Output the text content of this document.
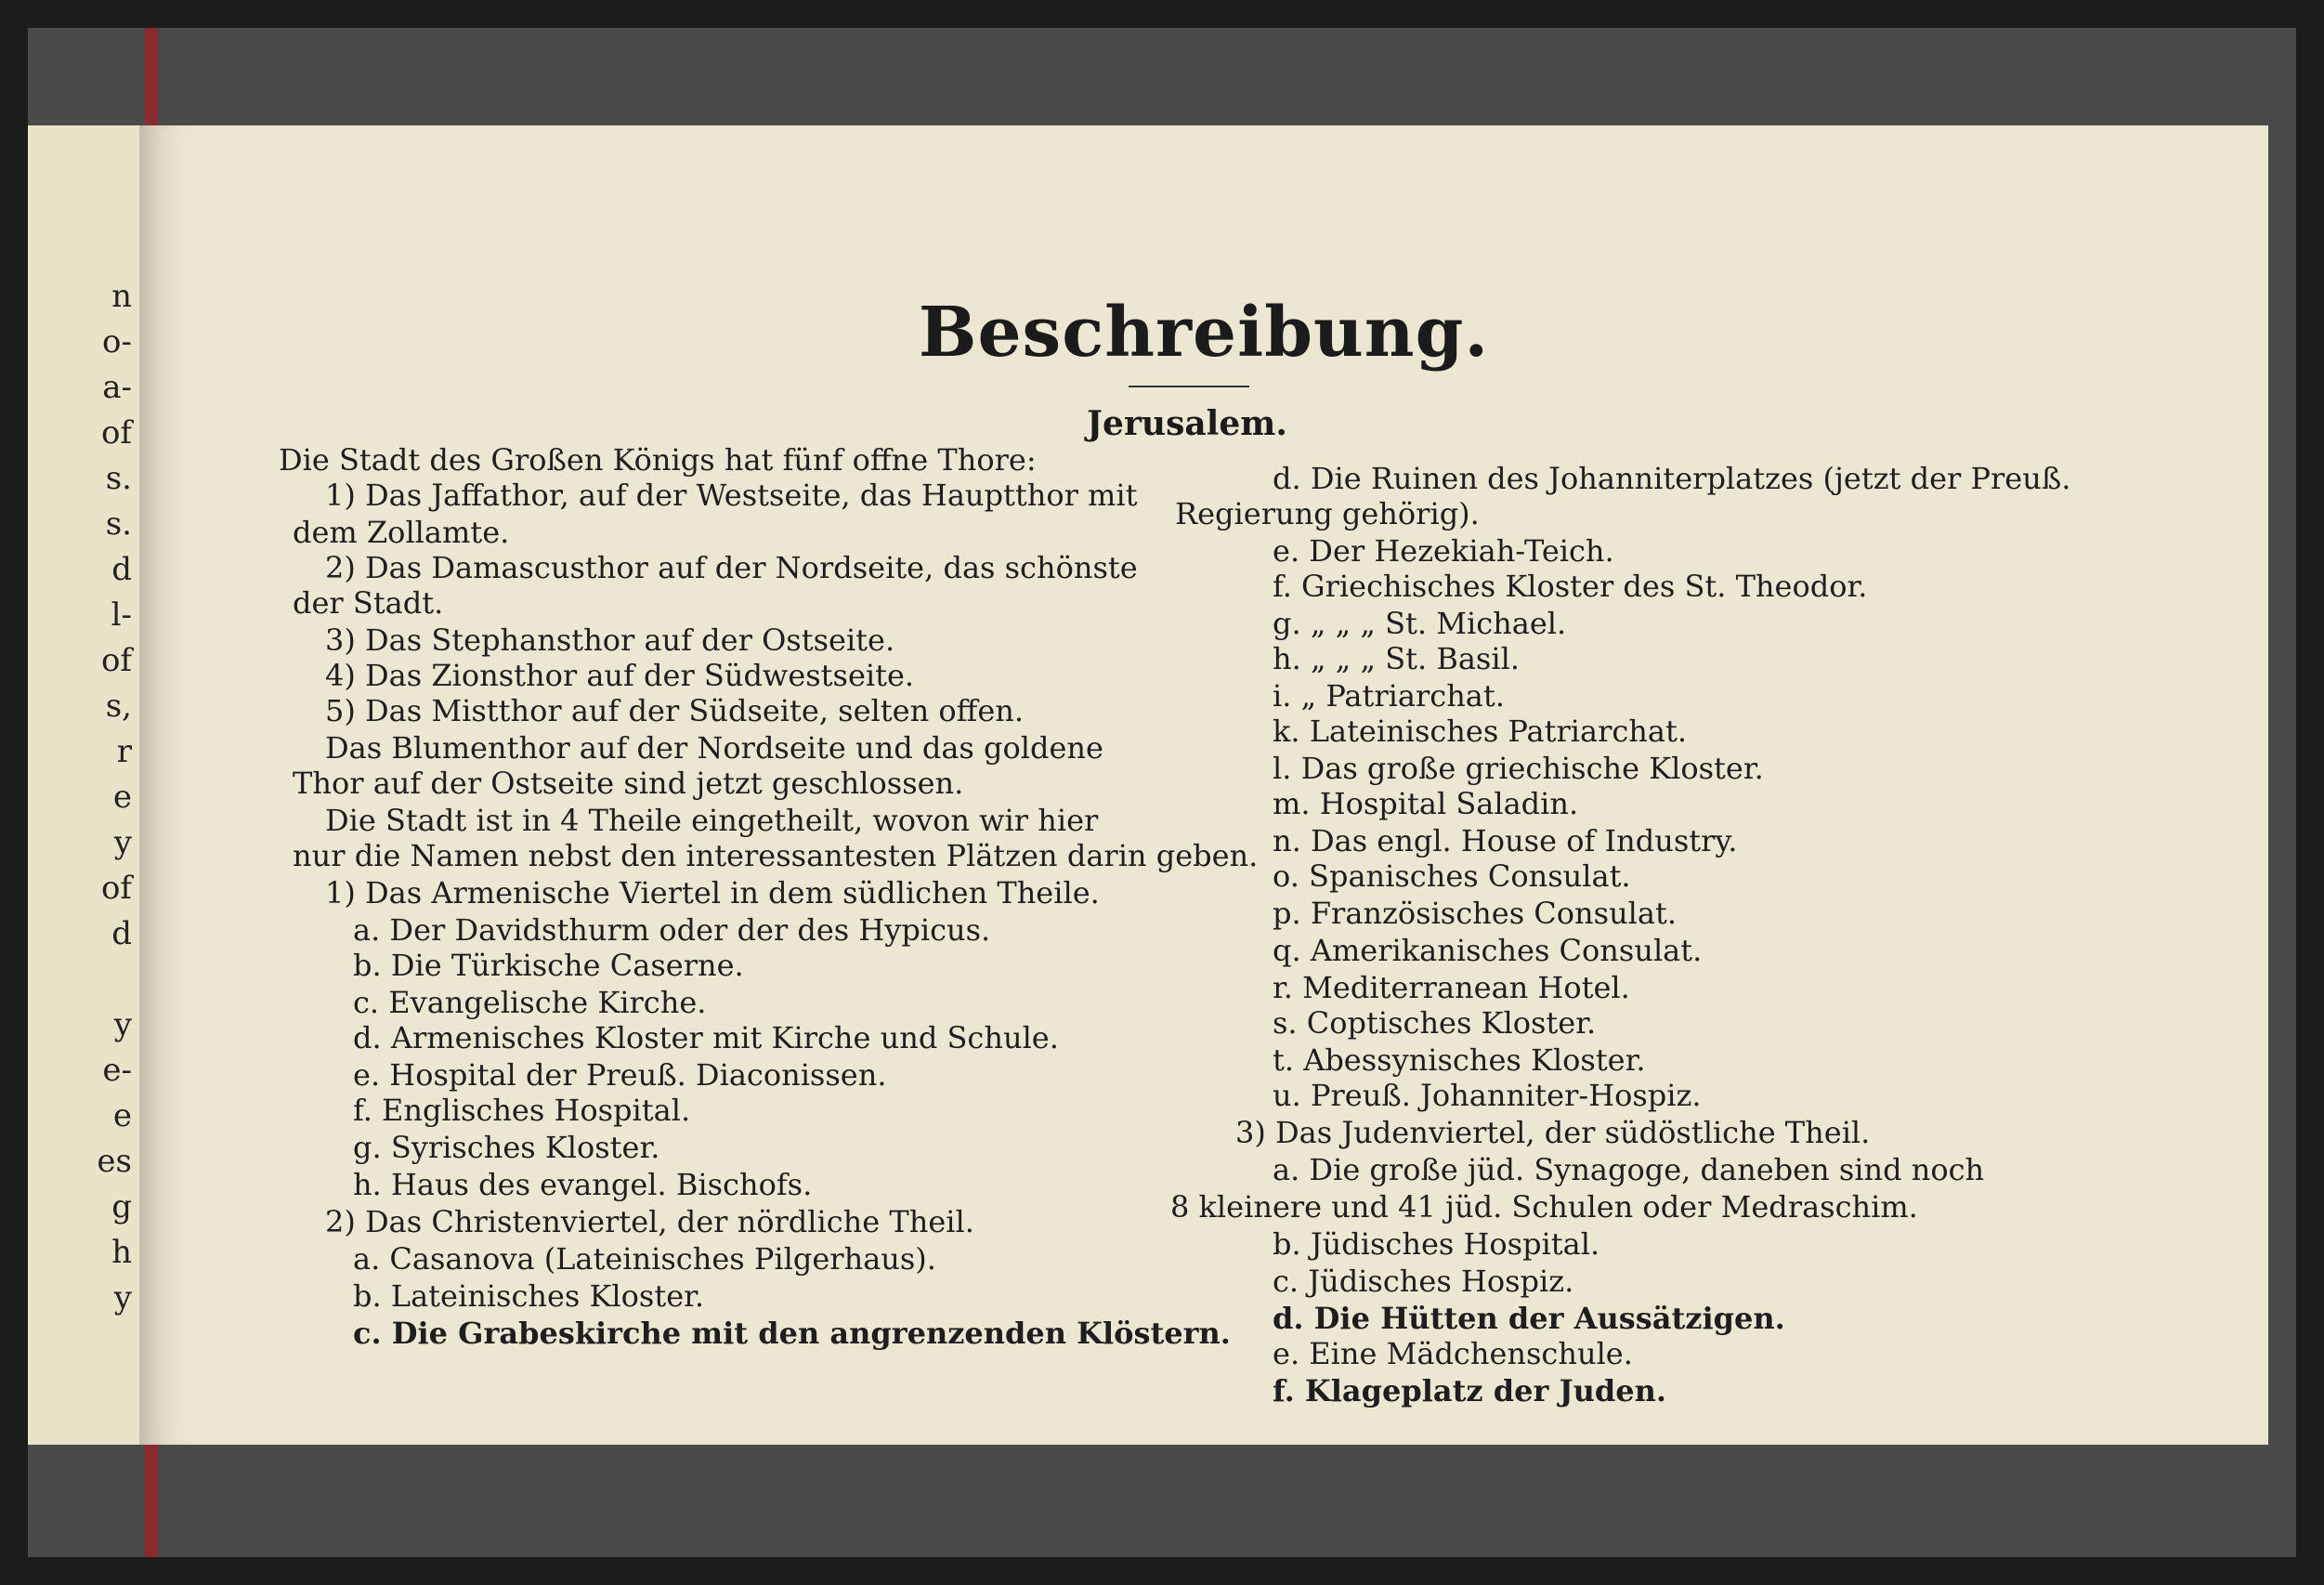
n
o-
a-
of
s.
s.
d
l-
of
s,
r
e
y
of
d
y
e-
e
es
g
h
y
Beschreibung.
Jerusalem.
Die Stadt des Großen Königs hat fünf offne Thore:
1) Das Jaffathor, auf der Westseite, das Hauptthor mit
dem Zollamte.
2) Das Damascusthor auf der Nordseite, das schönste
der Stadt.
3) Das Stephansthor auf der Ostseite.
4) Das Zionsthor auf der Südwestseite.
5) Das Mistthor auf der Südseite, selten offen.
Das Blumenthor auf der Nordseite und das goldene
Thor auf der Ostseite sind jetzt geschlossen.
Die Stadt ist in 4 Theile eingetheilt, wovon wir hier
nur die Namen nebst den interessantesten Plätzen darin geben.
1) Das Armenische Viertel in dem südlichen Theile.
a. Der Davidsthurm oder der des Hypicus.
b. Die Türkische Caserne.
c. Evangelische Kirche.
d. Armenisches Kloster mit Kirche und Schule.
e. Hospital der Preuß. Diaconissen.
f. Englisches Hospital.
g. Syrisches Kloster.
h. Haus des evangel. Bischofs.
2) Das Christenviertel, der nördliche Theil.
a. Casanova (Lateinisches Pilgerhaus).
b. Lateinisches Kloster.
c. Die Grabeskirche mit den angrenzenden Klöstern.
d. Die Ruinen des Johanniterplatzes (jetzt der Preuß.
Regierung gehörig).
e. Der Hezekiah-Teich.
f. Griechisches Kloster des St. Theodor.
g. „ „ „ St. Michael.
h. „ „ „ St. Basil.
i. „ Patriarchat.
k. Lateinisches Patriarchat.
l. Das große griechische Kloster.
m. Hospital Saladin.
n. Das engl. House of Industry.
o. Spanisches Consulat.
p. Französisches Consulat.
q. Amerikanisches Consulat.
r. Mediterranean Hotel.
s. Coptisches Kloster.
t. Abessynisches Kloster.
u. Preuß. Johanniter-Hospiz.
3) Das Judenviertel, der südöstliche Theil.
a. Die große jüd. Synagoge, daneben sind noch
8 kleinere und 41 jüd. Schulen oder Medraschim.
b. Jüdisches Hospital.
c. Jüdisches Hospiz.
d. Die Hütten der Aussätzigen.
e. Eine Mädchenschule.
f. Klageplatz der Juden.
